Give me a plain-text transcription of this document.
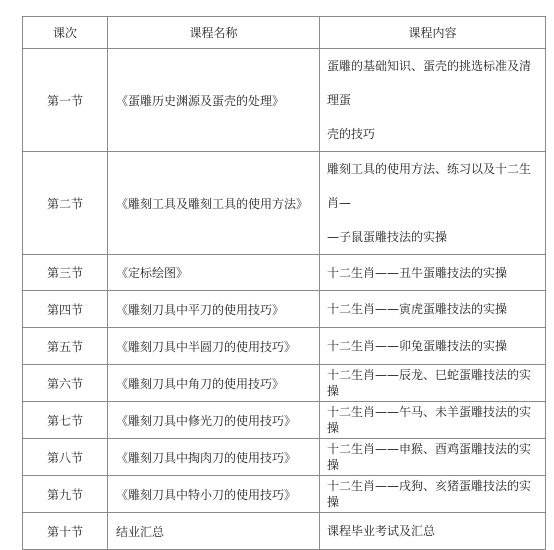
课次	课程名称	课程内容
第一节	《蛋雕历史渊源及蛋壳的处理》	蛋雕的基础知识、蛋壳的挑选标准及清理蛋
壳的技巧

第二节	《雕刻工具及雕刻工具的使用方法》	雕刻工具的使用方法、练习以及十二生肖—
—子鼠蛋雕技法的实操

第三节	《定标绘图》	十二生肖——丑牛蛋雕技法的实操
第四节	《雕刻刀具中平刀的使用技巧》	十二生肖——寅虎蛋雕技法的实操
第五节	《雕刻刀具中半圆刀的使用技巧》	十二生肖——卯兔蛋雕技法的实操
第六节	《雕刻刀具中角刀的使用技巧》	十二生肖——辰龙、巳蛇蛋雕技法的实操
第七节	《雕刻刀具中修光刀的使用技巧》	十二生肖——午马、未羊蛋雕技法的实操
第八节	《雕刻刀具中掏肉刀的使用技巧》	十二生肖——申猴、酉鸡蛋雕技法的实操
第九节	《雕刻刀具中特小刀的使用技巧》	十二生肖——戌狗、亥猪蛋雕技法的实操
第十节	结业汇总	课程毕业考试及汇总
